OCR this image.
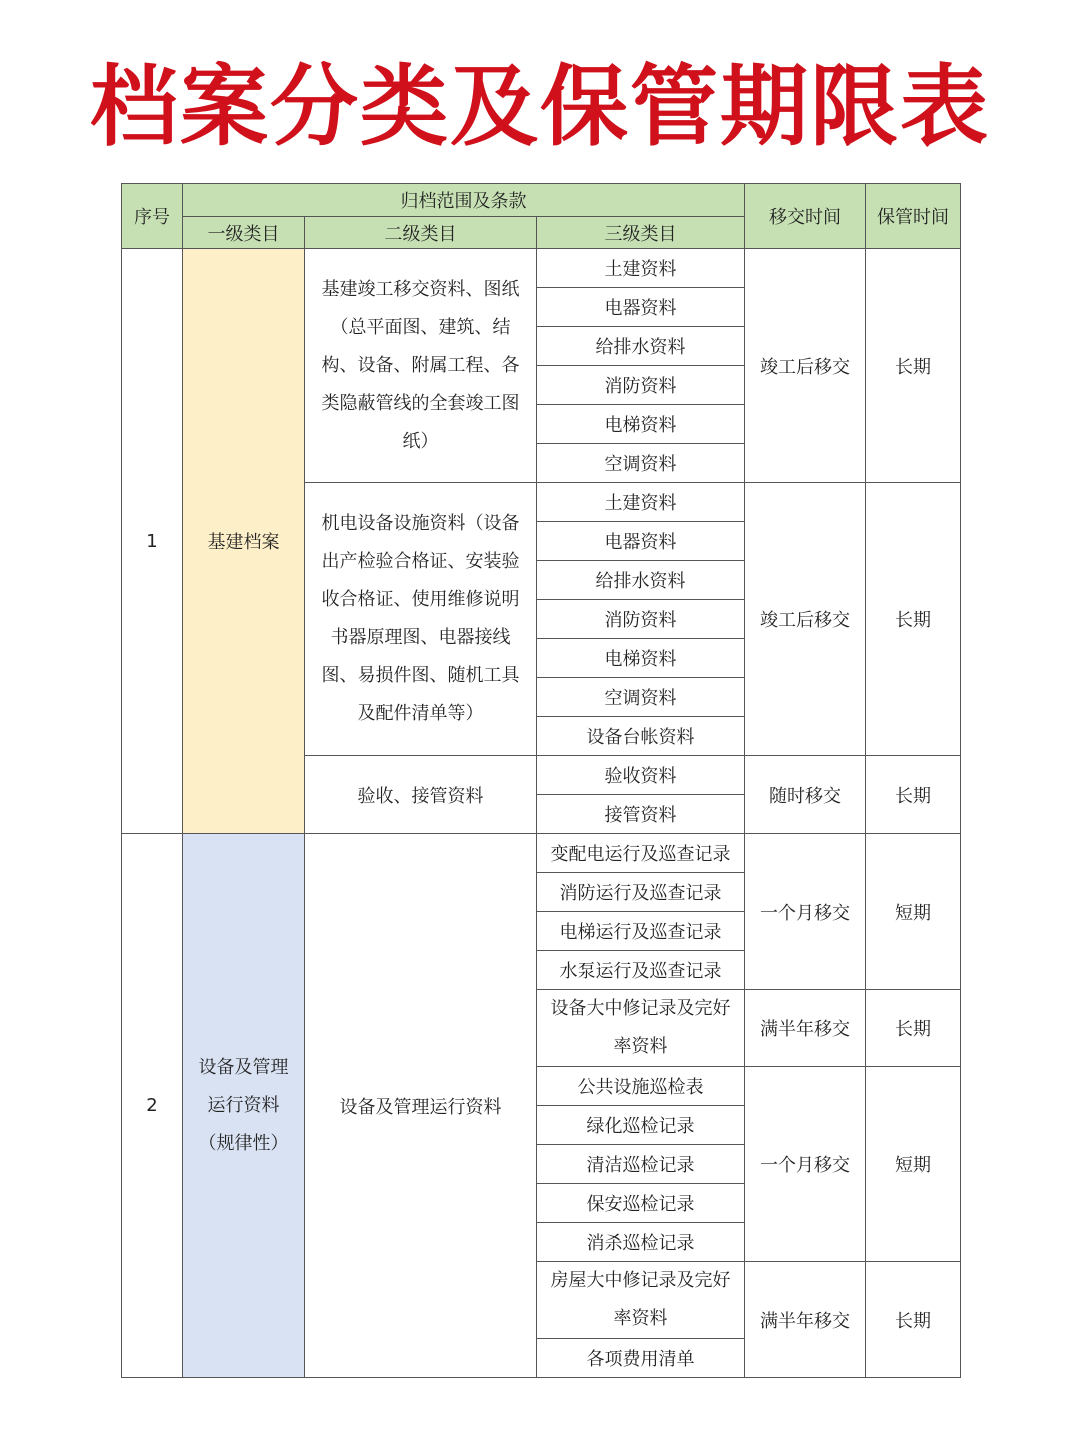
档案分类及保管期限表
序号	归档范围及条款			移交时间	保管时间
	一级类目	二级类目	三级类目		
1	基建档案	基建竣工移交资料、图纸（总平面图、建筑、结构、设备、附属工程、各类隐蔽管线的全套竣工图纸）	土建资料	竣工后移交	长期
			电器资料		
			给排水资料		
			消防资料		
			电梯资料		
			空调资料		
		机电设备设施资料（设备出产检验合格证、安装验收合格证、使用维修说明书器原理图、电器接线图、易损件图、随机工具及配件清单等）	土建资料	竣工后移交	长期
			电器资料		
			给排水资料		
			消防资料		
			电梯资料		
			空调资料		
			设备台帐资料		
		验收、接管资料	验收资料	随时移交	长期
			接管资料		
2	设备及管理运行资料（规律性）	设备及管理运行资料	变配电运行及巡查记录	一个月移交	短期
			消防运行及巡查记录		
			电梯运行及巡查记录		
			水泵运行及巡查记录		
			设备大中修记录及完好率资料	满半年移交	长期

			公共设施巡检表	一个月移交	短期
			绿化巡检记录		
			清洁巡检记录		
			保安巡检记录		
			消杀巡检记录		
			房屋大中修记录及完好率资料	满半年移交	长期

			各项费用清单		
